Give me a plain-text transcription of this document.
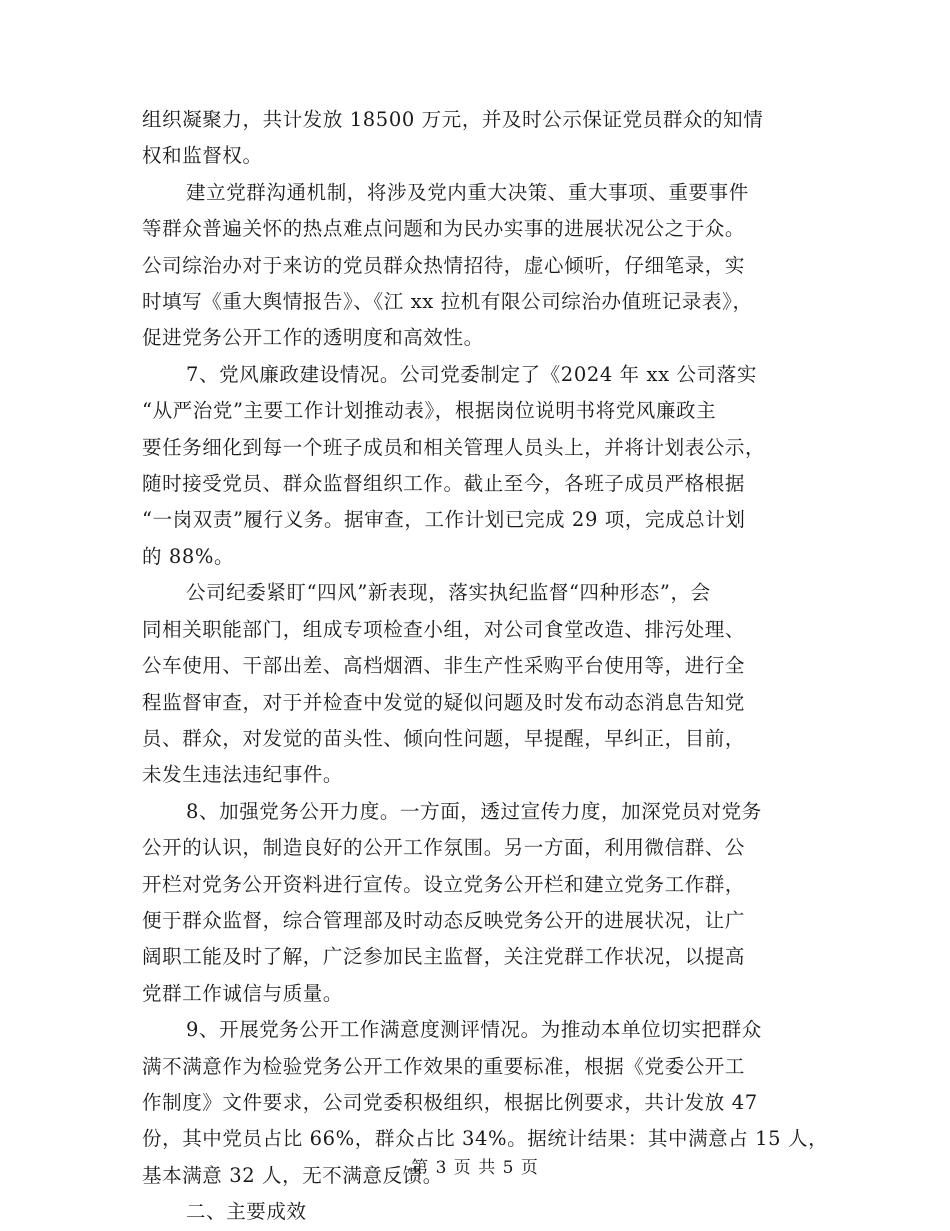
组织凝聚力，共计发放 18500 万元，并及时公示保证党员群众的知情
权和监督权。
建立党群沟通机制，将涉及党内重大决策、重大事项、重要事件
等群众普遍关怀的热点难点问题和为民办实事的进展状况公之于众。
公司综治办对于来访的党员群众热情招待，虚心倾听，仔细笔录，实
时填写《重大舆情报告》、《江 xx 拉机有限公司综治办值班记录表》，
促进党务公开工作的透明度和高效性。
7、党风廉政建设情况。公司党委制定了《2024 年 xx 公司落实
“从严治党”主要工作计划推动表》，根据岗位说明书将党风廉政主
要任务细化到每一个班子成员和相关管理人员头上，并将计划表公示，
随时接受党员、群众监督组织工作。截止至今，各班子成员严格根据
“一岗双责”履行义务。据审查，工作计划已完成 29 项，完成总计划
的 88%。
公司纪委紧盯“四风”新表现，落实执纪监督“四种形态”，会
同相关职能部门，组成专项检查小组，对公司食堂改造、排污处理、
公车使用、干部出差、高档烟酒、非生产性采购平台使用等，进行全
程监督审查，对于并检查中发觉的疑似问题及时发布动态消息告知党
员、群众，对发觉的苗头性、倾向性问题，早提醒，早纠正，目前，
未发生违法违纪事件。
8、加强党务公开力度。一方面，透过宣传力度，加深党员对党务
公开的认识，制造良好的公开工作氛围。另一方面，利用微信群、公
开栏对党务公开资料进行宣传。设立党务公开栏和建立党务工作群，
便于群众监督，综合管理部及时动态反映党务公开的进展状况，让广
阔职工能及时了解，广泛参加民主监督，关注党群工作状况，以提高
党群工作诚信与质量。
9、开展党务公开工作满意度测评情况。为推动本单位切实把群众
满不满意作为检验党务公开工作效果的重要标准，根据《党委公开工
作制度》文件要求，公司党委积极组织，根据比例要求，共计发放 47
份，其中党员占比 66%，群众占比 34%。据统计结果：其中满意占 15 人，
基本满意 32 人，无不满意反馈。
二、主要成效
第 3 页 共 5 页
